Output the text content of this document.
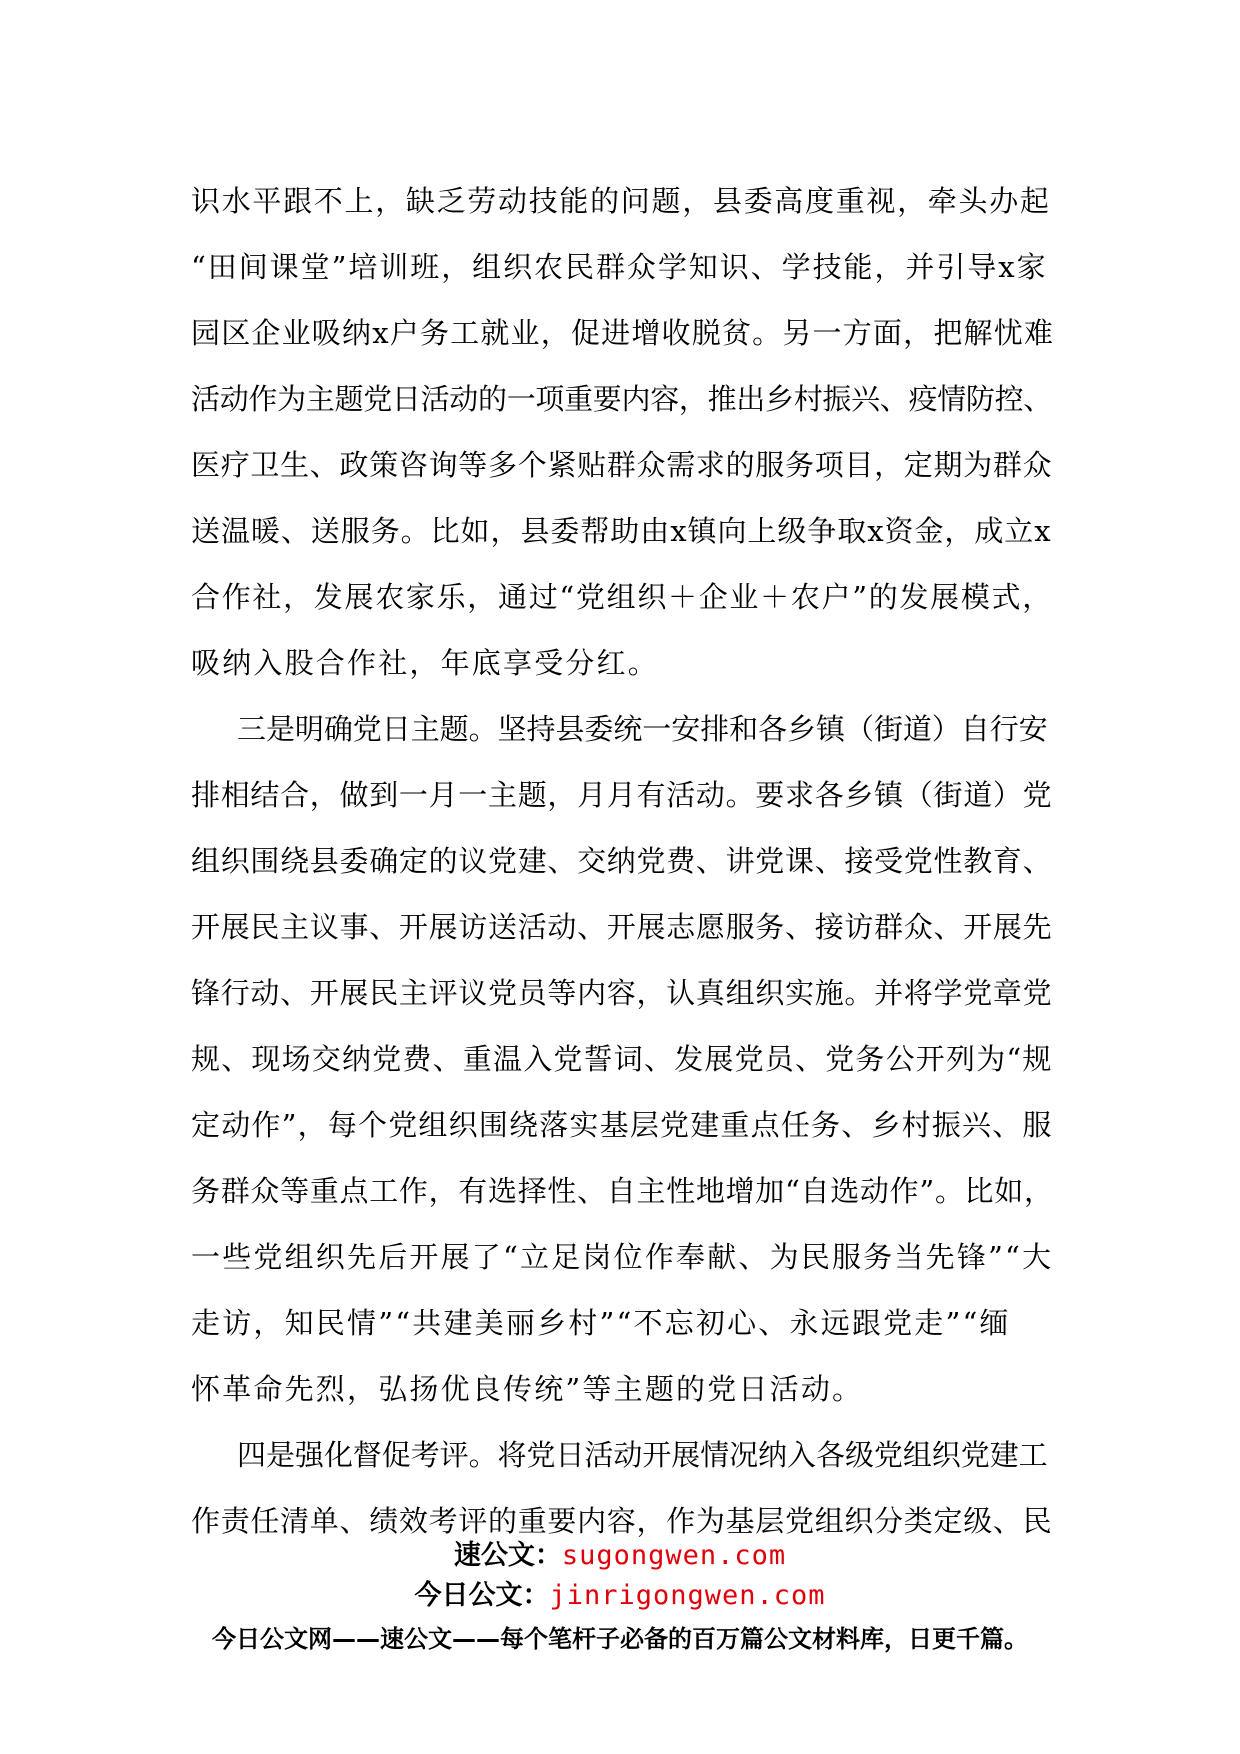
识水平跟不上，缺乏劳动技能的问题，县委高度重视，牵头办起
“田间课堂”培训班，组织农民群众学知识、学技能，并引导x家
园区企业吸纳x户务工就业，促进增收脱贫。另一方面，把解忧难
活动作为主题党日活动的一项重要内容，推出乡村振兴、疫情防控、
医疗卫生、政策咨询等多个紧贴群众需求的服务项目，定期为群众
送温暖、送服务。比如，县委帮助由x镇向上级争取x资金，成立x
合作社，发展农家乐，通过“党组织＋企业＋农户”的发展模式，
吸纳入股合作社，年底享受分红。
三是明确党日主题。坚持县委统一安排和各乡镇（街道）自行安
排相结合，做到一月一主题，月月有活动。要求各乡镇（街道）党
组织围绕县委确定的议党建、交纳党费、讲党课、接受党性教育、
开展民主议事、开展访送活动、开展志愿服务、接访群众、开展先
锋行动、开展民主评议党员等内容，认真组织实施。并将学党章党
规、现场交纳党费、重温入党誓词、发展党员、党务公开列为“规
定动作”，每个党组织围绕落实基层党建重点任务、乡村振兴、服
务群众等重点工作，有选择性、自主性地增加“自选动作”。比如，
一些党组织先后开展了“立足岗位作奉献、为民服务当先锋”“大
走访，知民情”“共建美丽乡村”“不忘初心、永远跟党走”“缅
怀革命先烈，弘扬优良传统”等主题的党日活动。
四是强化督促考评。将党日活动开展情况纳入各级党组织党建工
作责任清单、绩效考评的重要内容，作为基层党组织分类定级、民
速公文：sugongwen.com
今日公文：jinrigongwen.com
今日公文网——速公文——每个笔杆子必备的百万篇公文材料库，日更千篇。
